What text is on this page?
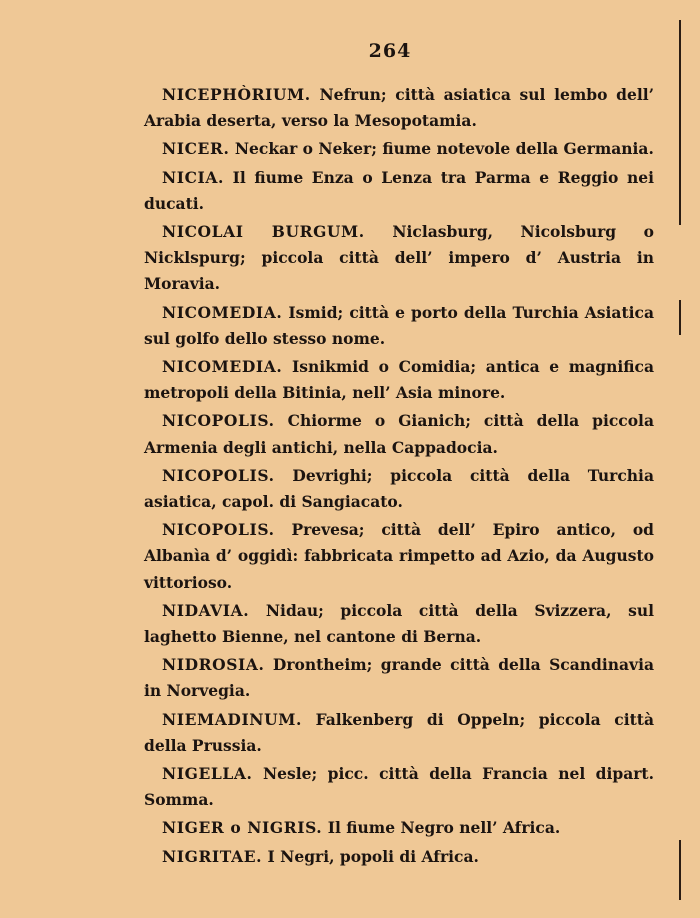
264

NICEPHÒRIUM. Nefrun; città asiatica sul lembo dell’ Arabia deserta, verso la Mesopotamia.

NICER. Neckar o Neker; fiume notevole della Germania.

NICIA. Il fiume Enza o Lenza tra Parma e Reggio nei ducati.

NICOLAI BURGUM. Niclasburg, Nicolsburg o Nicklspurg; piccola città dell’ impero d’ Austria in Moravia.

NICOMEDIA. Ismid; città e porto della Turchia Asiatica sul golfo dello stesso nome.

NICOMEDIA. Isnikmid o Comidia; antica e magnifica metropoli della Bitinia, nell’ Asia minore.

NICOPOLIS. Chiorme o Gianich; città della piccola Armenia degli antichi, nella Cappadocia.

NICOPOLIS. Devrighi; piccola città della Turchia asiatica, capol. di Sangiacato.

NICOPOLIS. Prevesa; città dell’ Epiro antico, od Albanìa d’ oggidì: fabbricata rimpetto ad Azio, da Augusto vittorioso.

NIDAVIA. Nidau; piccola città della Svizzera, sul laghetto Bienne, nel cantone di Berna.

NIDROSIA. Drontheim; grande città della Scandinavia in Norvegia.

NIEMADINUM. Falkenberg di Oppeln; piccola città della Prussia.

NIGELLA. Nesle; picc. città della Francia nel dipart. Somma.

NIGER o NIGRIS. Il fiume Negro nell’ Africa.

NIGRITAE. I Negri, popoli di Africa.
